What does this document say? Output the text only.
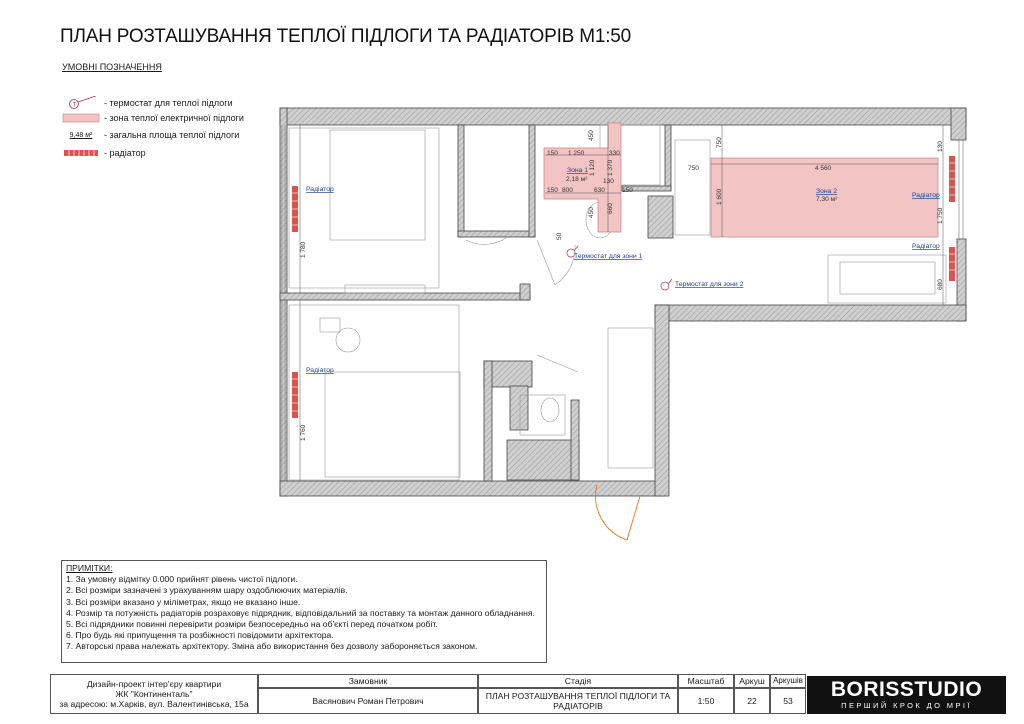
ПЛАН РОЗТАШУВАННЯ ТЕПЛОЇ ПІДЛОГИ ТА РАДІАТОРІВ М1:50
УМОВНІ ПОЗНАЧЕННЯ
T	- термостат для теплої підлоги
- зона теплої електричної підлоги
9,48 м²	- загальна площа теплої підлоги
- радіатор	150 1 250	330
150 800	630	150
130
750	4 560
450
1 370
1 120
450 660
50
750
1 600
130
1 750
680
1 780
1 760
Радіатор
Радіатор
Радіатор
Радіатор
Термостат для зони 1
Термостат для зони 2
Зона 1
Зона 2
2,18 м²
7,30 м²
ПРИМІТКИ:
1. За умовну відмітку 0.000 прийнят рівень чистої підлоги.
2. Всі розміри зазначені з урахуванням шару оздоблюючих матеріалів.
3. Всі розміри вказано у міліметрах, якщо не вказано інше.
4. Розмір та потужність радіаторів розраховує підрядник, відповідальний за поставку та монтаж данного обладнання.
5. Всі підрядники повинні перевірити розміри безпосередньо на об'єкті перед початком робіт.
6. Про будь які припущення та розбіжності повідомити архітектора.
7. Авторські права належать архітектору. Зміна або використання без дозволу забороняється законом.
Дизайн-проект інтер'єру квартири
ЖК "Континенталь"
за адресою: м.Харків, вул. Валентинівська, 15а
Замовник
Васянович Роман Петрович
Стадія
ПЛАН РОЗТАШУВАННЯ ТЕПЛОЇ ПІДЛОГИ ТА РАДІАТОРІВ
Масштаб
1:50
Аркуш
22
Аркушів
53	BORISSTUDIO
ПЕРШИЙ КРОК ДО МРІЇ
